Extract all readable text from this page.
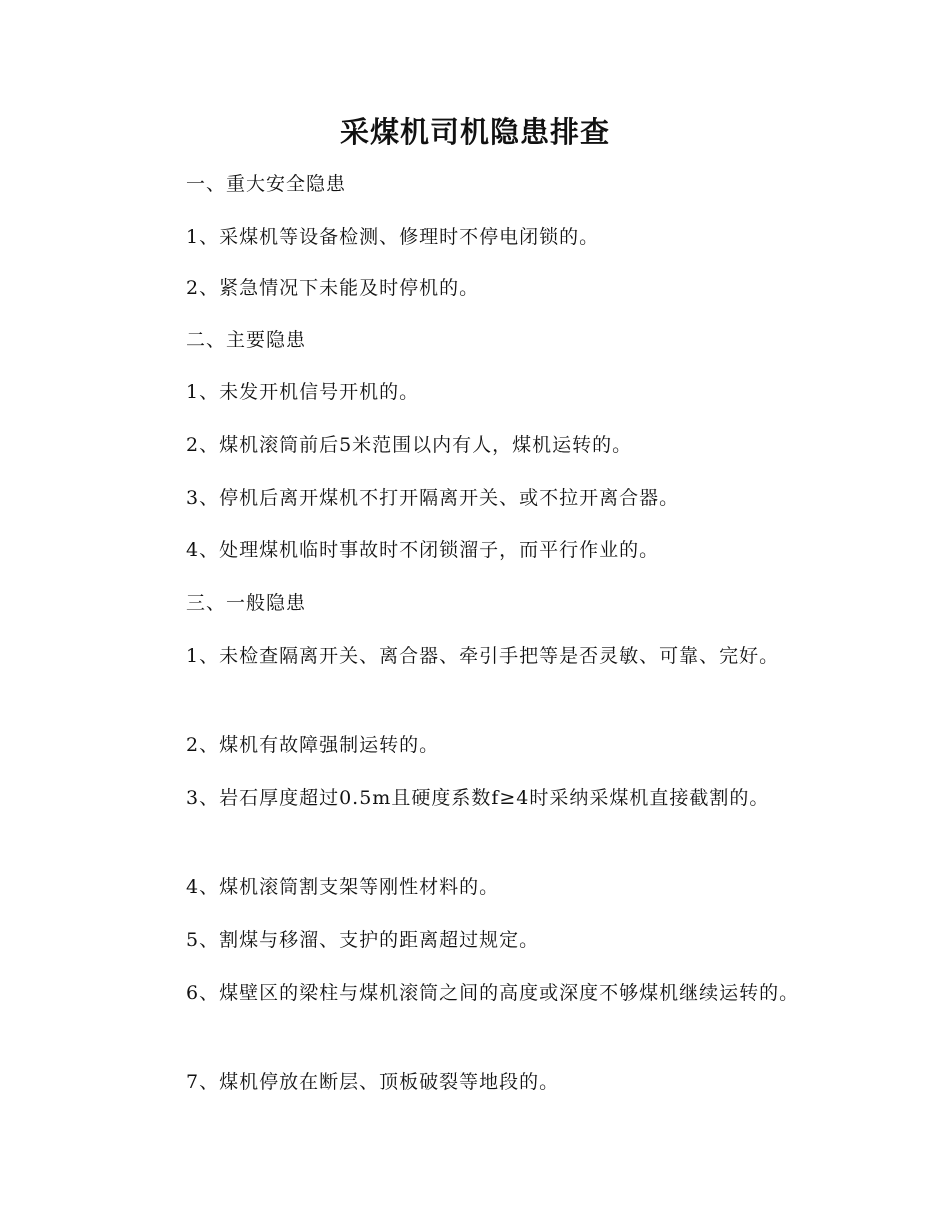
采煤机司机隐患排查

一、重大安全隐患

1、采煤机等设备检测、修理时不停电闭锁的。

2、紧急情况下未能及时停机的。

二、主要隐患

1、未发开机信号开机的。

2、煤机滚筒前后5米范围以内有人，煤机运转的。

3、停机后离开煤机不打开隔离开关、或不拉开离合器。

4、处理煤机临时事故时不闭锁溜子，而平行作业的。

三、一般隐患

1、未检查隔离开关、离合器、牵引手把等是否灵敏、可靠、完好。

2、煤机有故障强制运转的。

3、岩石厚度超过0.5m且硬度系数f≥4时采纳采煤机直接截割的。

4、煤机滚筒割支架等刚性材料的。

5、割煤与移溜、支护的距离超过规定。

6、煤壁区的梁柱与煤机滚筒之间的高度或深度不够煤机继续运转的。

7、煤机停放在断层、顶板破裂等地段的。
